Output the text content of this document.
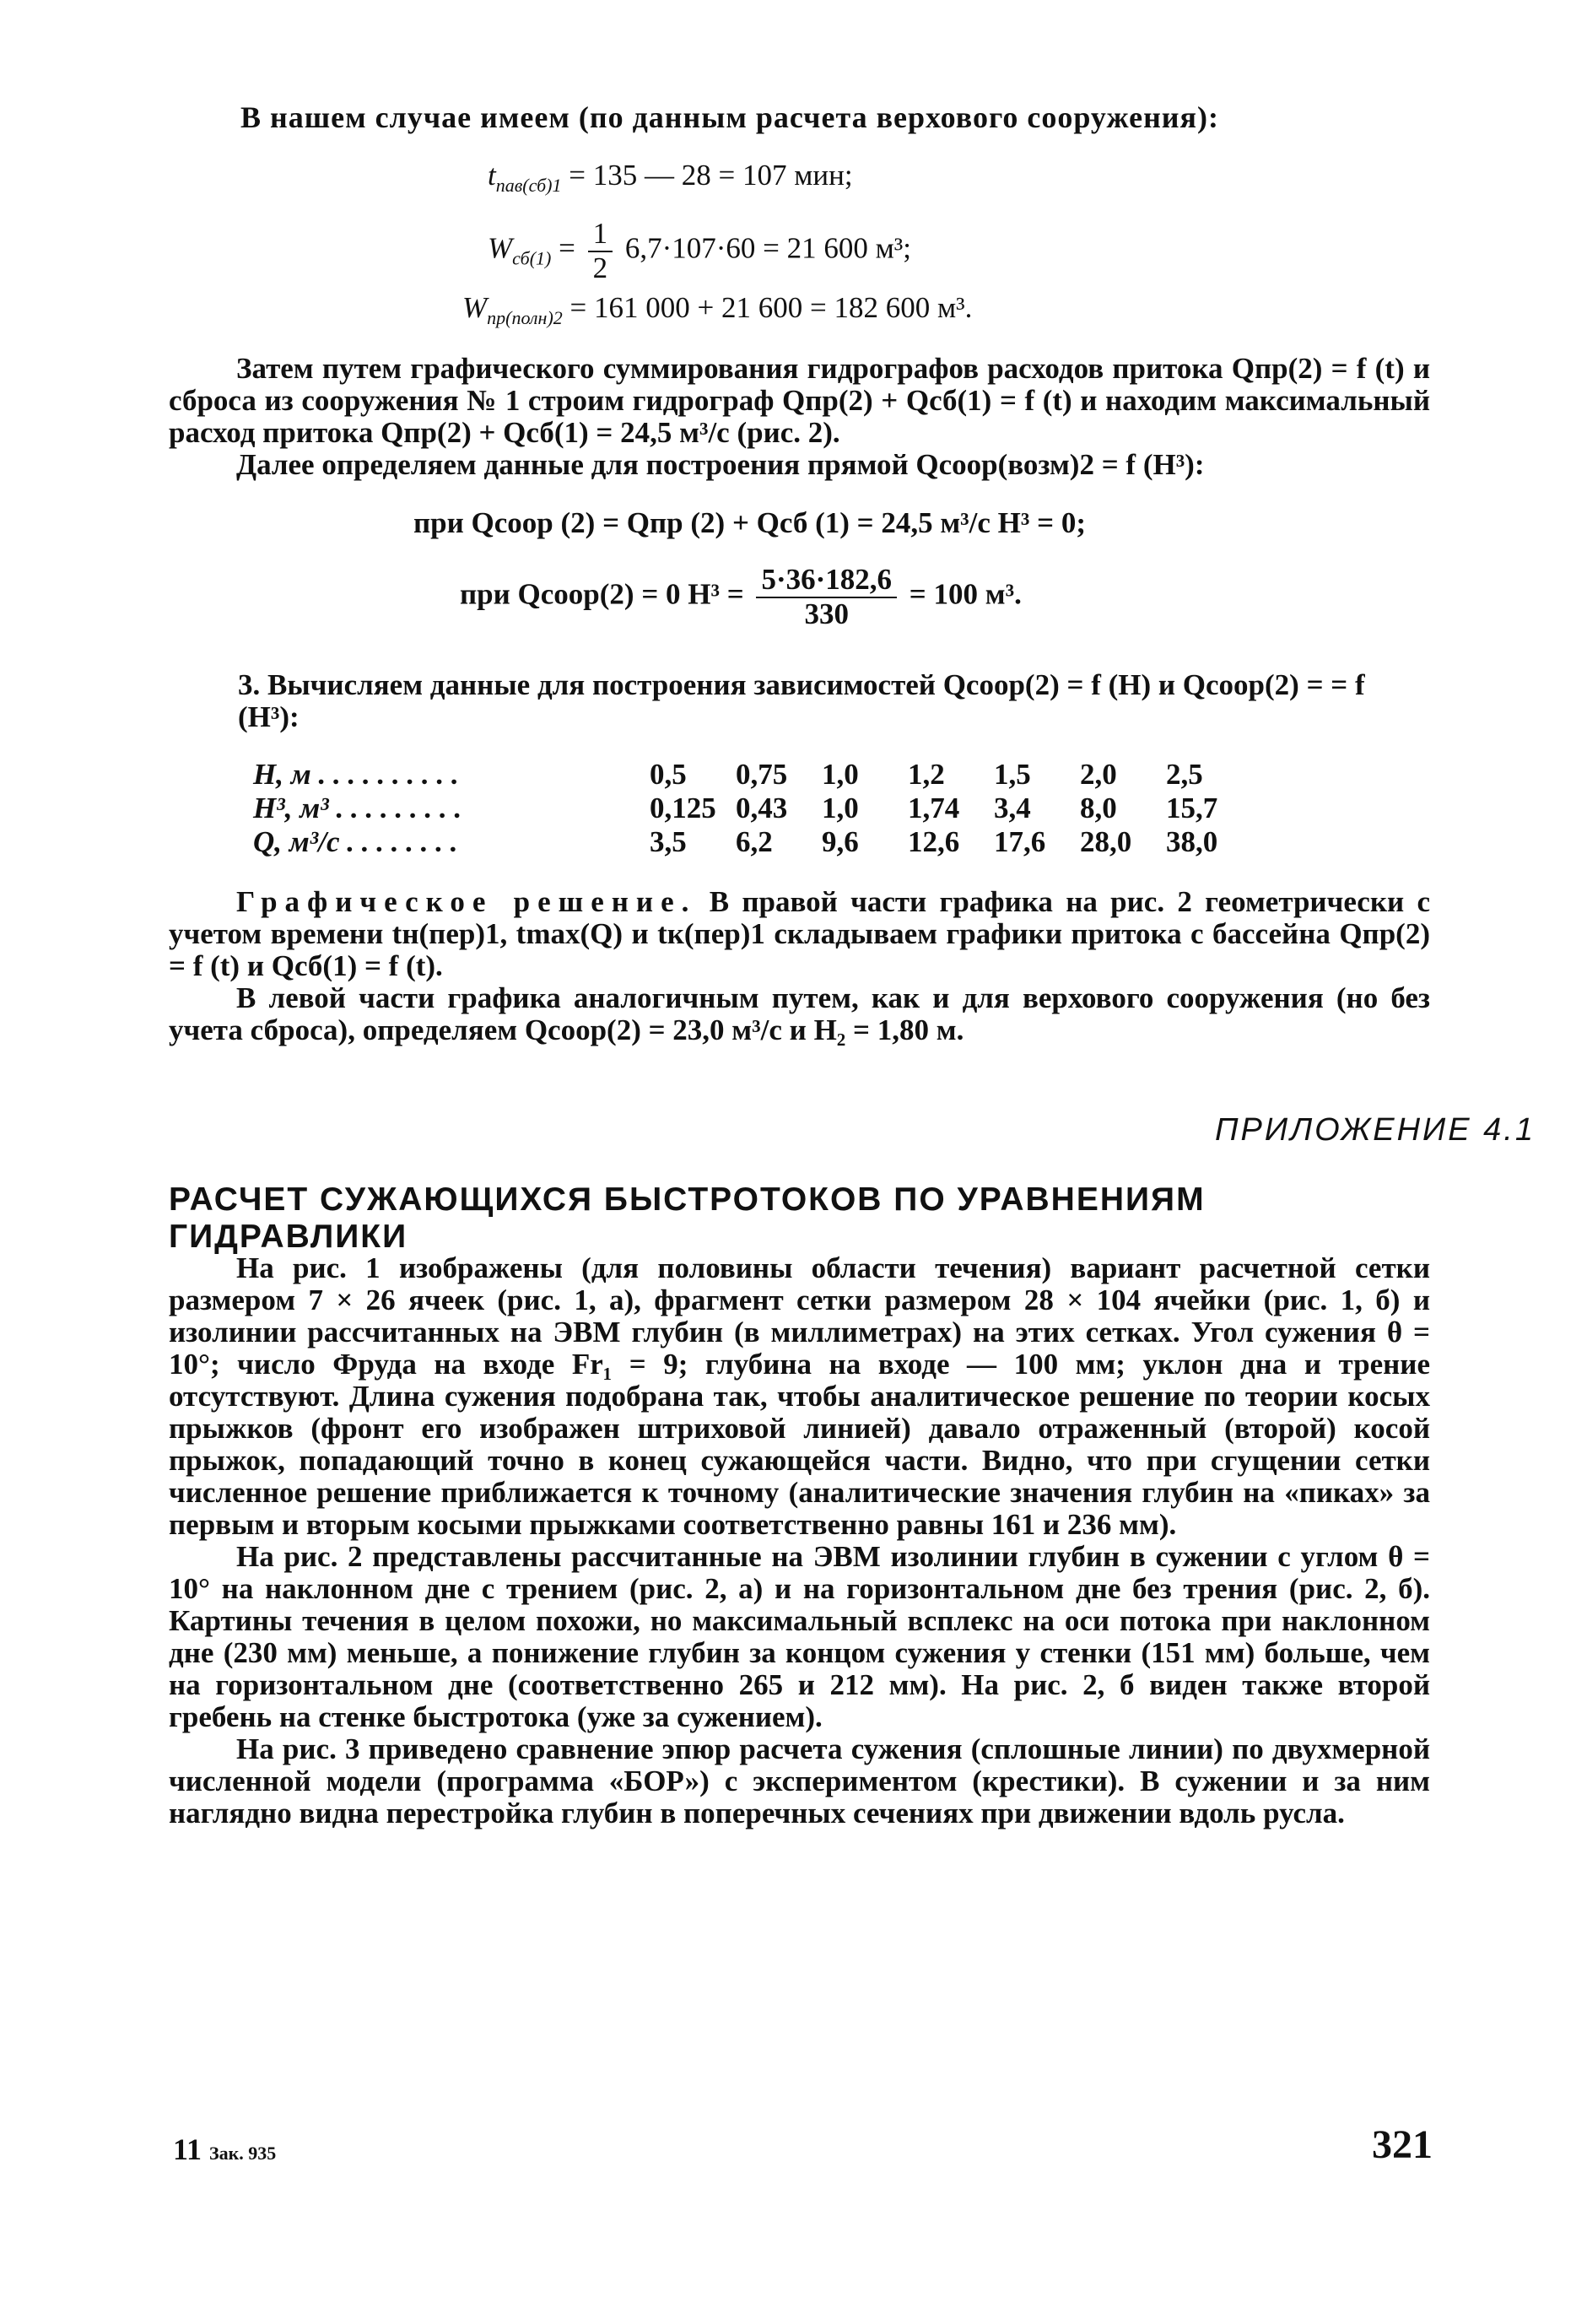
В нашем случае имеем (по данным расчета верхового сооружения):
$t_{пав(сб)1} = 135$ — 28 = 107 мин;
$W_{сб(1)} = \frac{1}{2} 6,7\cdot 107\cdot 60 = 21$ 600 м³;
$W_{пр(полн)2} = 161$ 000 + 21 600 = 182 600 м³.

Затем путем графического суммирования гидрографов расходов притока Qпр(2) = f (t) и сброса из сооружения № 1 строим гидрограф Qпр(2) + Qсб(1) = f (t) и находим максимальный расход притока Qпр(2) + Qсб(1) = 24,5 м³/с (рис. 2).

Далее определяем данные для построения прямой Qсоор(возм)2 = f (H³):

при Qсоор (2) = Qпр (2) + Qсб (1) = 24,5 м³/с H³ = 0;
при Qсоор(2) = 0 $H^3 = \frac{5\cdot 36\cdot 182,6}{330} = 100$ м³.
3. Вычисляем данные для построения зависимостей Qсоор(2) = f (H) и Qсоор(2) = = f (H³):
H, м . . . . . . . . . .	0,5	0,75	1,0	1,2	1,5	2,0	2,5
H³, м³ . . . . . . . . .	0,125	0,43	1,0	1,74	3,4	8,0	15,7
Q, м³/с . . . . . . . .	3,5	6,2	9,6	12,6	17,6	28,0	38,0

Графическое решение. В правой части графика на рис. 2 геометрически с учетом времени tн(пер)1, tmax(Q) и tк(пер)1 складываем графики притока с бассейна Qпр(2) = f (t) и Qсб(1) = f (t).

В левой части графика аналогичным путем, как и для верхового сооружения (но без учета сброса), определяем Qсоор(2) = 23,0 м³/с и H₂ = 1,80 м.

ПРИЛОЖЕНИЕ 4.1
РАСЧЕТ СУЖАЮЩИХСЯ БЫСТРОТОКОВ ПО УРАВНЕНИЯМ ГИДРАВЛИКИ

На рис. 1 изображены (для половины области течения) вариант расчетной сетки размером 7 × 26 ячеек (рис. 1, а), фрагмент сетки размером 28 × 104 ячейки (рис. 1, б) и изолинии рассчитанных на ЭВМ глубин (в миллиметрах) на этих сетках. Угол сужения θ = 10°; число Фруда на входе Fr₁ = 9; глубина на входе — 100 мм; уклон дна и трение отсутствуют. Длина сужения подобрана так, чтобы аналитическое решение по теории косых прыжков (фронт его изображен штриховой линией) давало отраженный (второй) косой прыжок, попадающий точно в конец сужающейся части. Видно, что при сгущении сетки численное решение приближается к точному (аналитические значения глубин на «пиках» за первым и вторым косыми прыжками соответственно равны 161 и 236 мм).

На рис. 2 представлены рассчитанные на ЭВМ изолинии глубин в сужении с углом θ = 10° на наклонном дне с трением (рис. 2, а) и на горизонтальном дне без трения (рис. 2, б). Картины течения в целом похожи, но максимальный всплекс на оси потока при наклонном дне (230 мм) меньше, а понижение глубин за концом сужения у стенки (151 мм) больше, чем на горизонтальном дне (соответственно 265 и 212 мм). На рис. 2, б виден также второй гребень на стенке быстротока (уже за сужением).

На рис. 3 приведено сравнение эпюр расчета сужения (сплошные линии) по двухмерной численной модели (программа «БОР») с экспериментом (крестики). В сужении и за ним наглядно видна перестройка глубин в поперечных сечениях при движении вдоль русла.

11 Зак. 935	321
